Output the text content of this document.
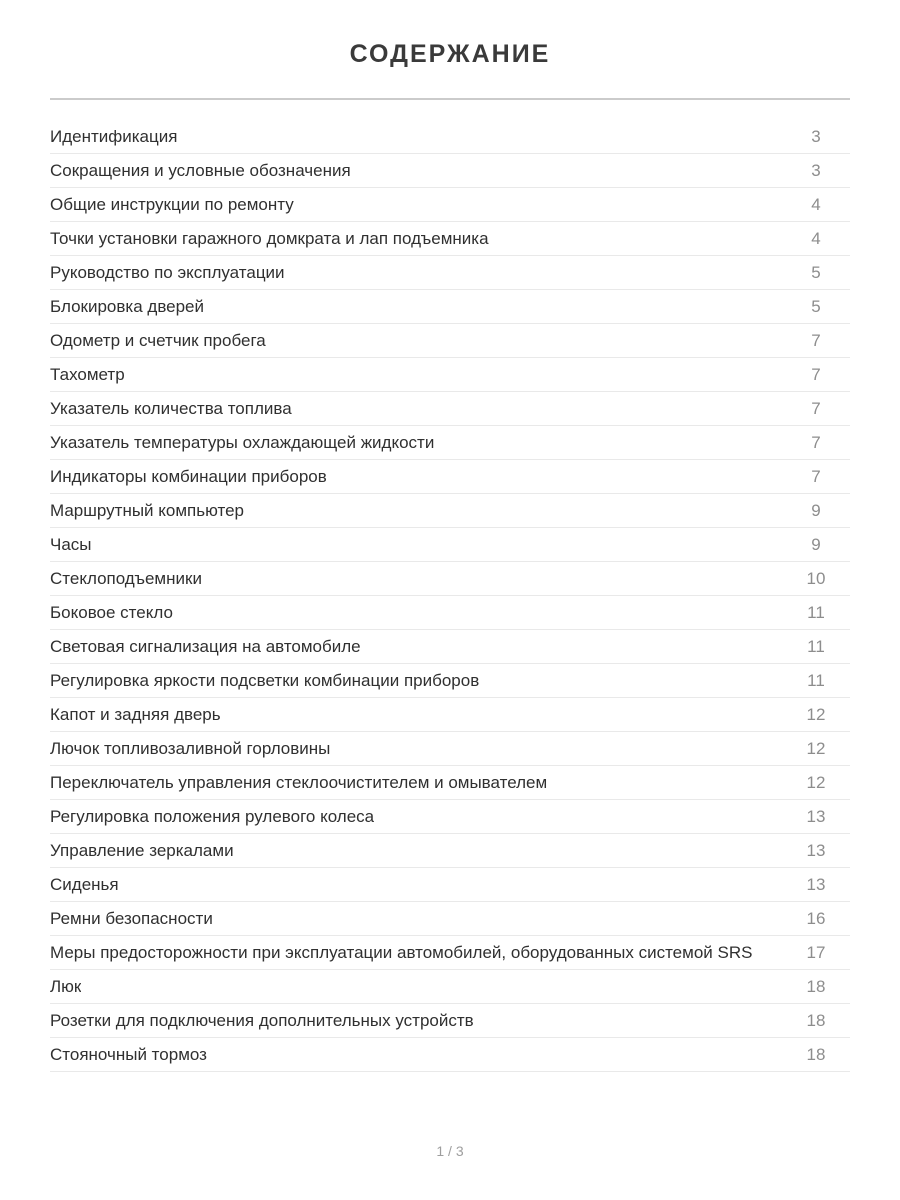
СОДЕРЖАНИЕ
Идентификация	3
Сокращения и условные обозначения	3
Общие инструкции по ремонту	4
Точки установки гаражного домкрата и лап подъемника	4
Руководство по эксплуатации	5
Блокировка дверей	5
Одометр и счетчик пробега	7
Тахометр	7
Указатель количества топлива	7
Указатель температуры охлаждающей жидкости	7
Индикаторы комбинации приборов	7
Маршрутный компьютер	9
Часы	9
Стеклоподъемники	10
Боковое стекло	11
Световая сигнализация на автомобиле	11
Регулировка яркости подсветки комбинации приборов	11
Капот и задняя дверь	12
Лючок топливозаливной горловины	12
Переключатель управления стеклоочистителем и омывателем	12
Регулировка положения рулевого колеса	13
Управление зеркалами	13
Сиденья	13
Ремни безопасности	16
Меры предосторожности при эксплуатации автомобилей, оборудованных системой SRS	17
Люк	18
Розетки для подключения дополнительных устройств	18
Стояночный тормоз	18
1 / 3
